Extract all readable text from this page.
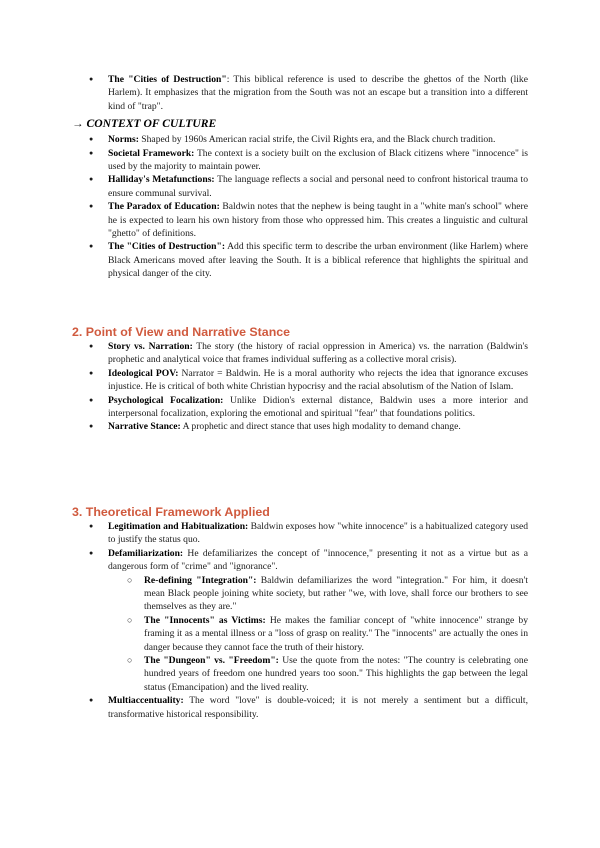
● The "Cities of Destruction": This biblical reference is used to describe the ghettos of the North (like Harlem). It emphasizes that the migration from the South was not an escape but a transition into a different kind of "trap".
→ CONTEXT OF CULTURE
● Norms: Shaped by 1960s American racial strife, the Civil Rights era, and the Black church tradition.
● Societal Framework: The context is a society built on the exclusion of Black citizens where "innocence" is used by the majority to maintain power.
● Halliday's Metafunctions: The language reflects a social and personal need to confront historical trauma to ensure communal survival.
● The Paradox of Education: Baldwin notes that the nephew is being taught in a "white man's school" where he is expected to learn his own history from those who oppressed him. This creates a linguistic and cultural "ghetto" of definitions.
● The "Cities of Destruction": Add this specific term to describe the urban environment (like Harlem) where Black Americans moved after leaving the South. It is a biblical reference that highlights the spiritual and physical danger of the city.
2. Point of View and Narrative Stance
● Story vs. Narration: The story (the history of racial oppression in America) vs. the narration (Baldwin's prophetic and analytical voice that frames individual suffering as a collective moral crisis).
● Ideological POV: Narrator = Baldwin. He is a moral authority who rejects the idea that ignorance excuses injustice. He is critical of both white Christian hypocrisy and the racial absolutism of the Nation of Islam.
● Psychological Focalization: Unlike Didion's external distance, Baldwin uses a more interior and interpersonal focalization, exploring the emotional and spiritual "fear" that foundations politics.
● Narrative Stance: A prophetic and direct stance that uses high modality to demand change.
3. Theoretical Framework Applied
● Legitimation and Habitualization: Baldwin exposes how "white innocence" is a habitualized category used to justify the status quo.
● Defamiliarization: He defamiliarizes the concept of "innocence," presenting it not as a virtue but as a dangerous form of "crime" and "ignorance".
○ Re-defining "Integration": Baldwin defamiliarizes the word "integration." For him, it doesn't mean Black people joining white society, but rather "we, with love, shall force our brothers to see themselves as they are."
○ The "Innocents" as Victims: He makes the familiar concept of "white innocence" strange by framing it as a mental illness or a "loss of grasp on reality." The "innocents" are actually the ones in danger because they cannot face the truth of their history.
○ The "Dungeon" vs. "Freedom": Use the quote from the notes: "The country is celebrating one hundred years of freedom one hundred years too soon." This highlights the gap between the legal status (Emancipation) and the lived reality.
● Multiaccentuality: The word "love" is double-voiced; it is not merely a sentiment but a difficult, transformative historical responsibility.
